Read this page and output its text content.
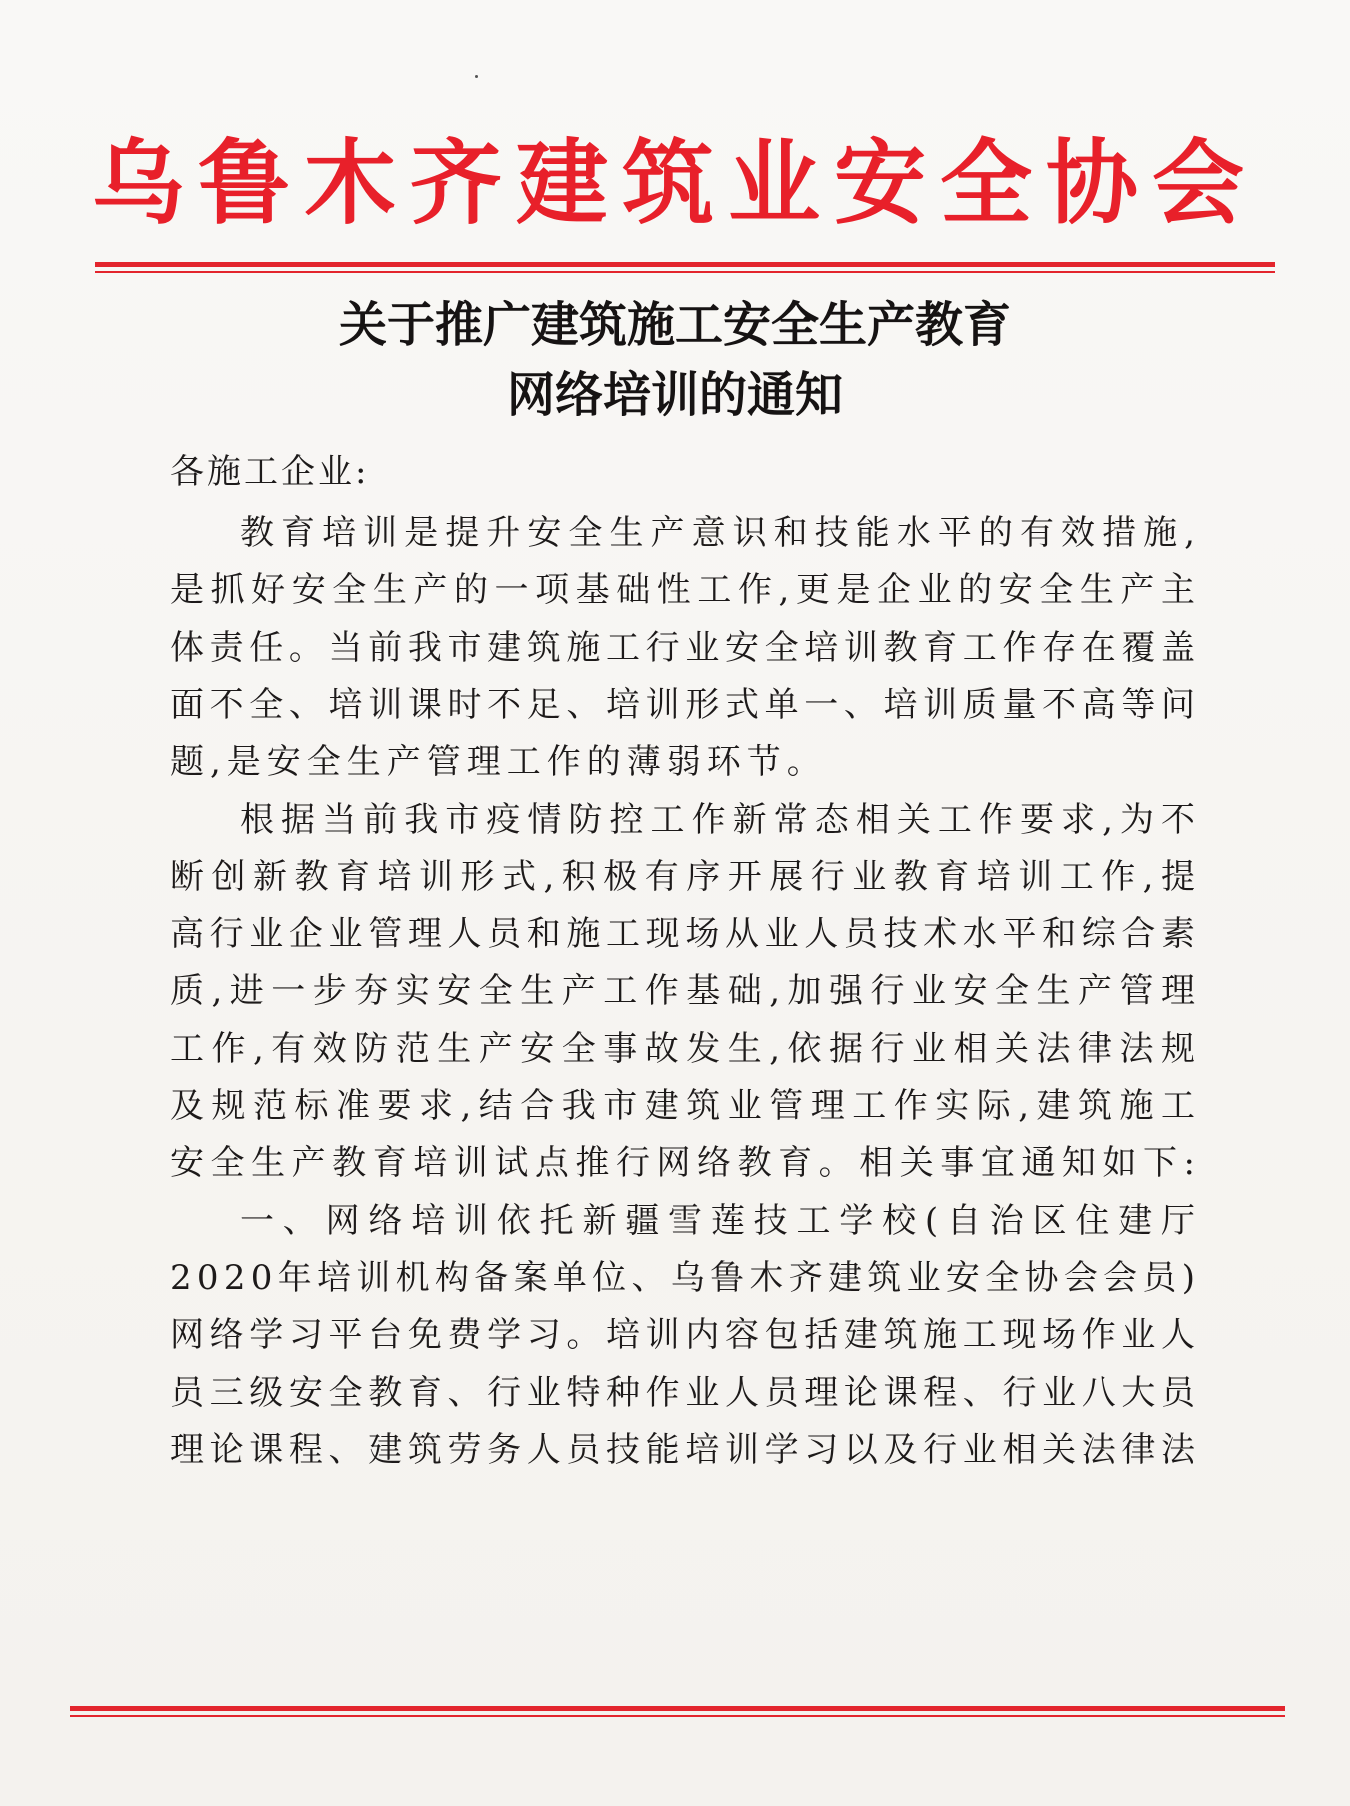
乌鲁木齐建筑业安全协会
关于推广建筑施工安全生产教育
网络培训的通知
各施工企业:
教育培训是提升安全生产意识和技能水平的有效措施,
是抓好安全生产的一项基础性工作,更是企业的安全生产主
体责任。当前我市建筑施工行业安全培训教育工作存在覆盖
面不全、培训课时不足、培训形式单一、培训质量不高等问
题,是安全生产管理工作的薄弱环节。
根据当前我市疫情防控工作新常态相关工作要求,为不
断创新教育培训形式,积极有序开展行业教育培训工作,提
高行业企业管理人员和施工现场从业人员技术水平和综合素
质,进一步夯实安全生产工作基础,加强行业安全生产管理
工作,有效防范生产安全事故发生,依据行业相关法律法规
及规范标准要求,结合我市建筑业管理工作实际,建筑施工
安全生产教育培训试点推行网络教育。相关事宜通知如下:
一、网络培训依托新疆雪莲技工学校(自治区住建厅
2020年培训机构备案单位、乌鲁木齐建筑业安全协会会员)
网络学习平台免费学习。培训内容包括建筑施工现场作业人
员三级安全教育、行业特种作业人员理论课程、行业八大员
理论课程、建筑劳务人员技能培训学习以及行业相关法律法
